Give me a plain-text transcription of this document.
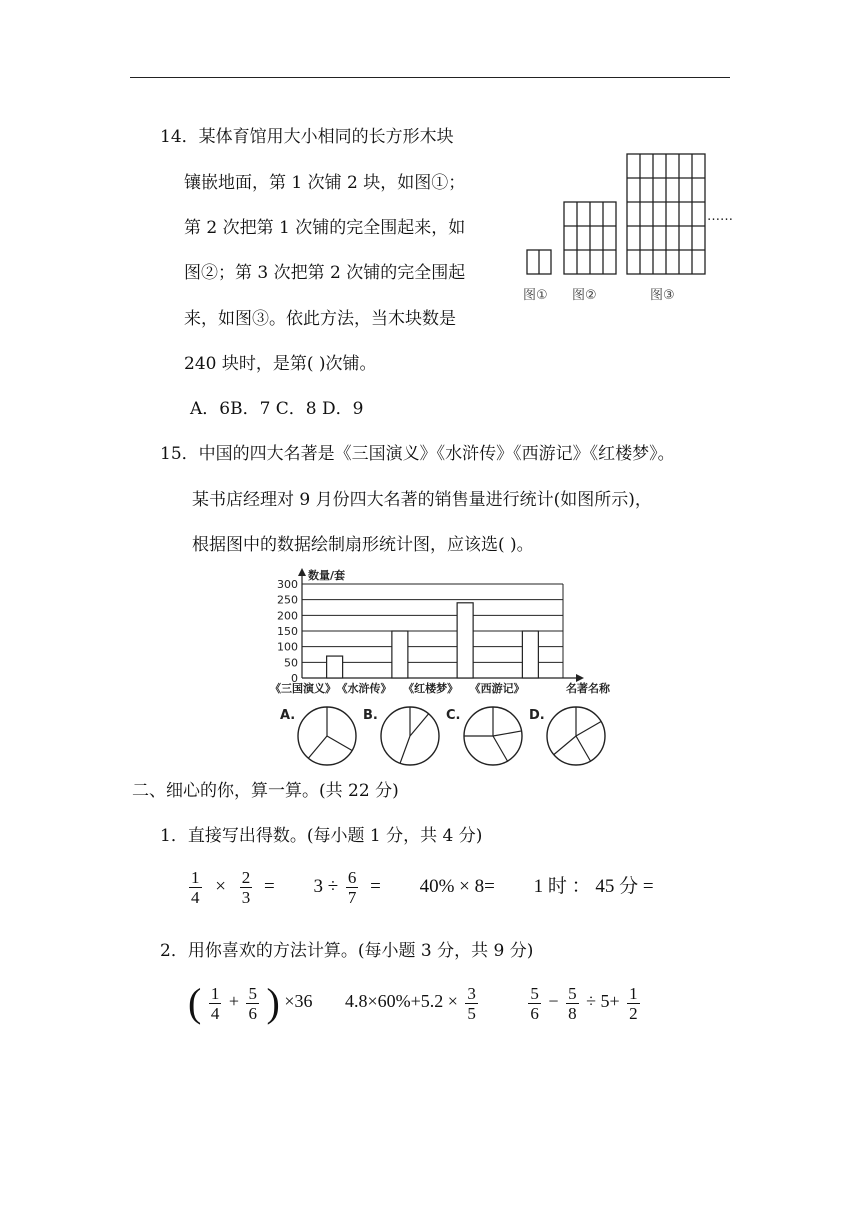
14．某体育馆用大小相同的长方形木块
镶嵌地面，第 1 次铺 2 块，如图①；
第 2 次把第 1 次铺的完全围起来，如
图②；第 3 次把第 2 次铺的完全围起
来，如图③。依此方法，当木块数是
240 块时，是第( )次铺。
A．6B．7 C．8 D．9
……
图① 图②	图③
15．中国的四大名著是《三国演义》《水浒传》《西游记》《红楼梦》。
某书店经理对 9 月份四大名著的销售量进行统计(如图所示)，
根据图中的数据绘制扇形统计图，应该选( )。
数量/套
名著名称
0
50
100
150
200
250
300
《三国演义》 《水浒传》 《红楼梦》 《西游记》
A.	B.	C.	D.
二、细心的你，算一算。(共 22 分)
1．直接写出得数。(每小题 1 分，共 4 分)
$\frac{1}{4} \times \frac{2}{3} = 3 \div \frac{6}{7} = 40\% \times 8= 1$ 时 ： 45 分 =
2．用你喜欢的方法计算。(每小题 3 分，共 9 分)
( $\frac{1}{4} + \frac{5}{6}$ ) ×36 $4.8\times 60\%+5.2 \times \frac{3}{5}$
	$\frac{5}{6} - \frac{5}{8} \div 5+ \frac{1}{2}$
